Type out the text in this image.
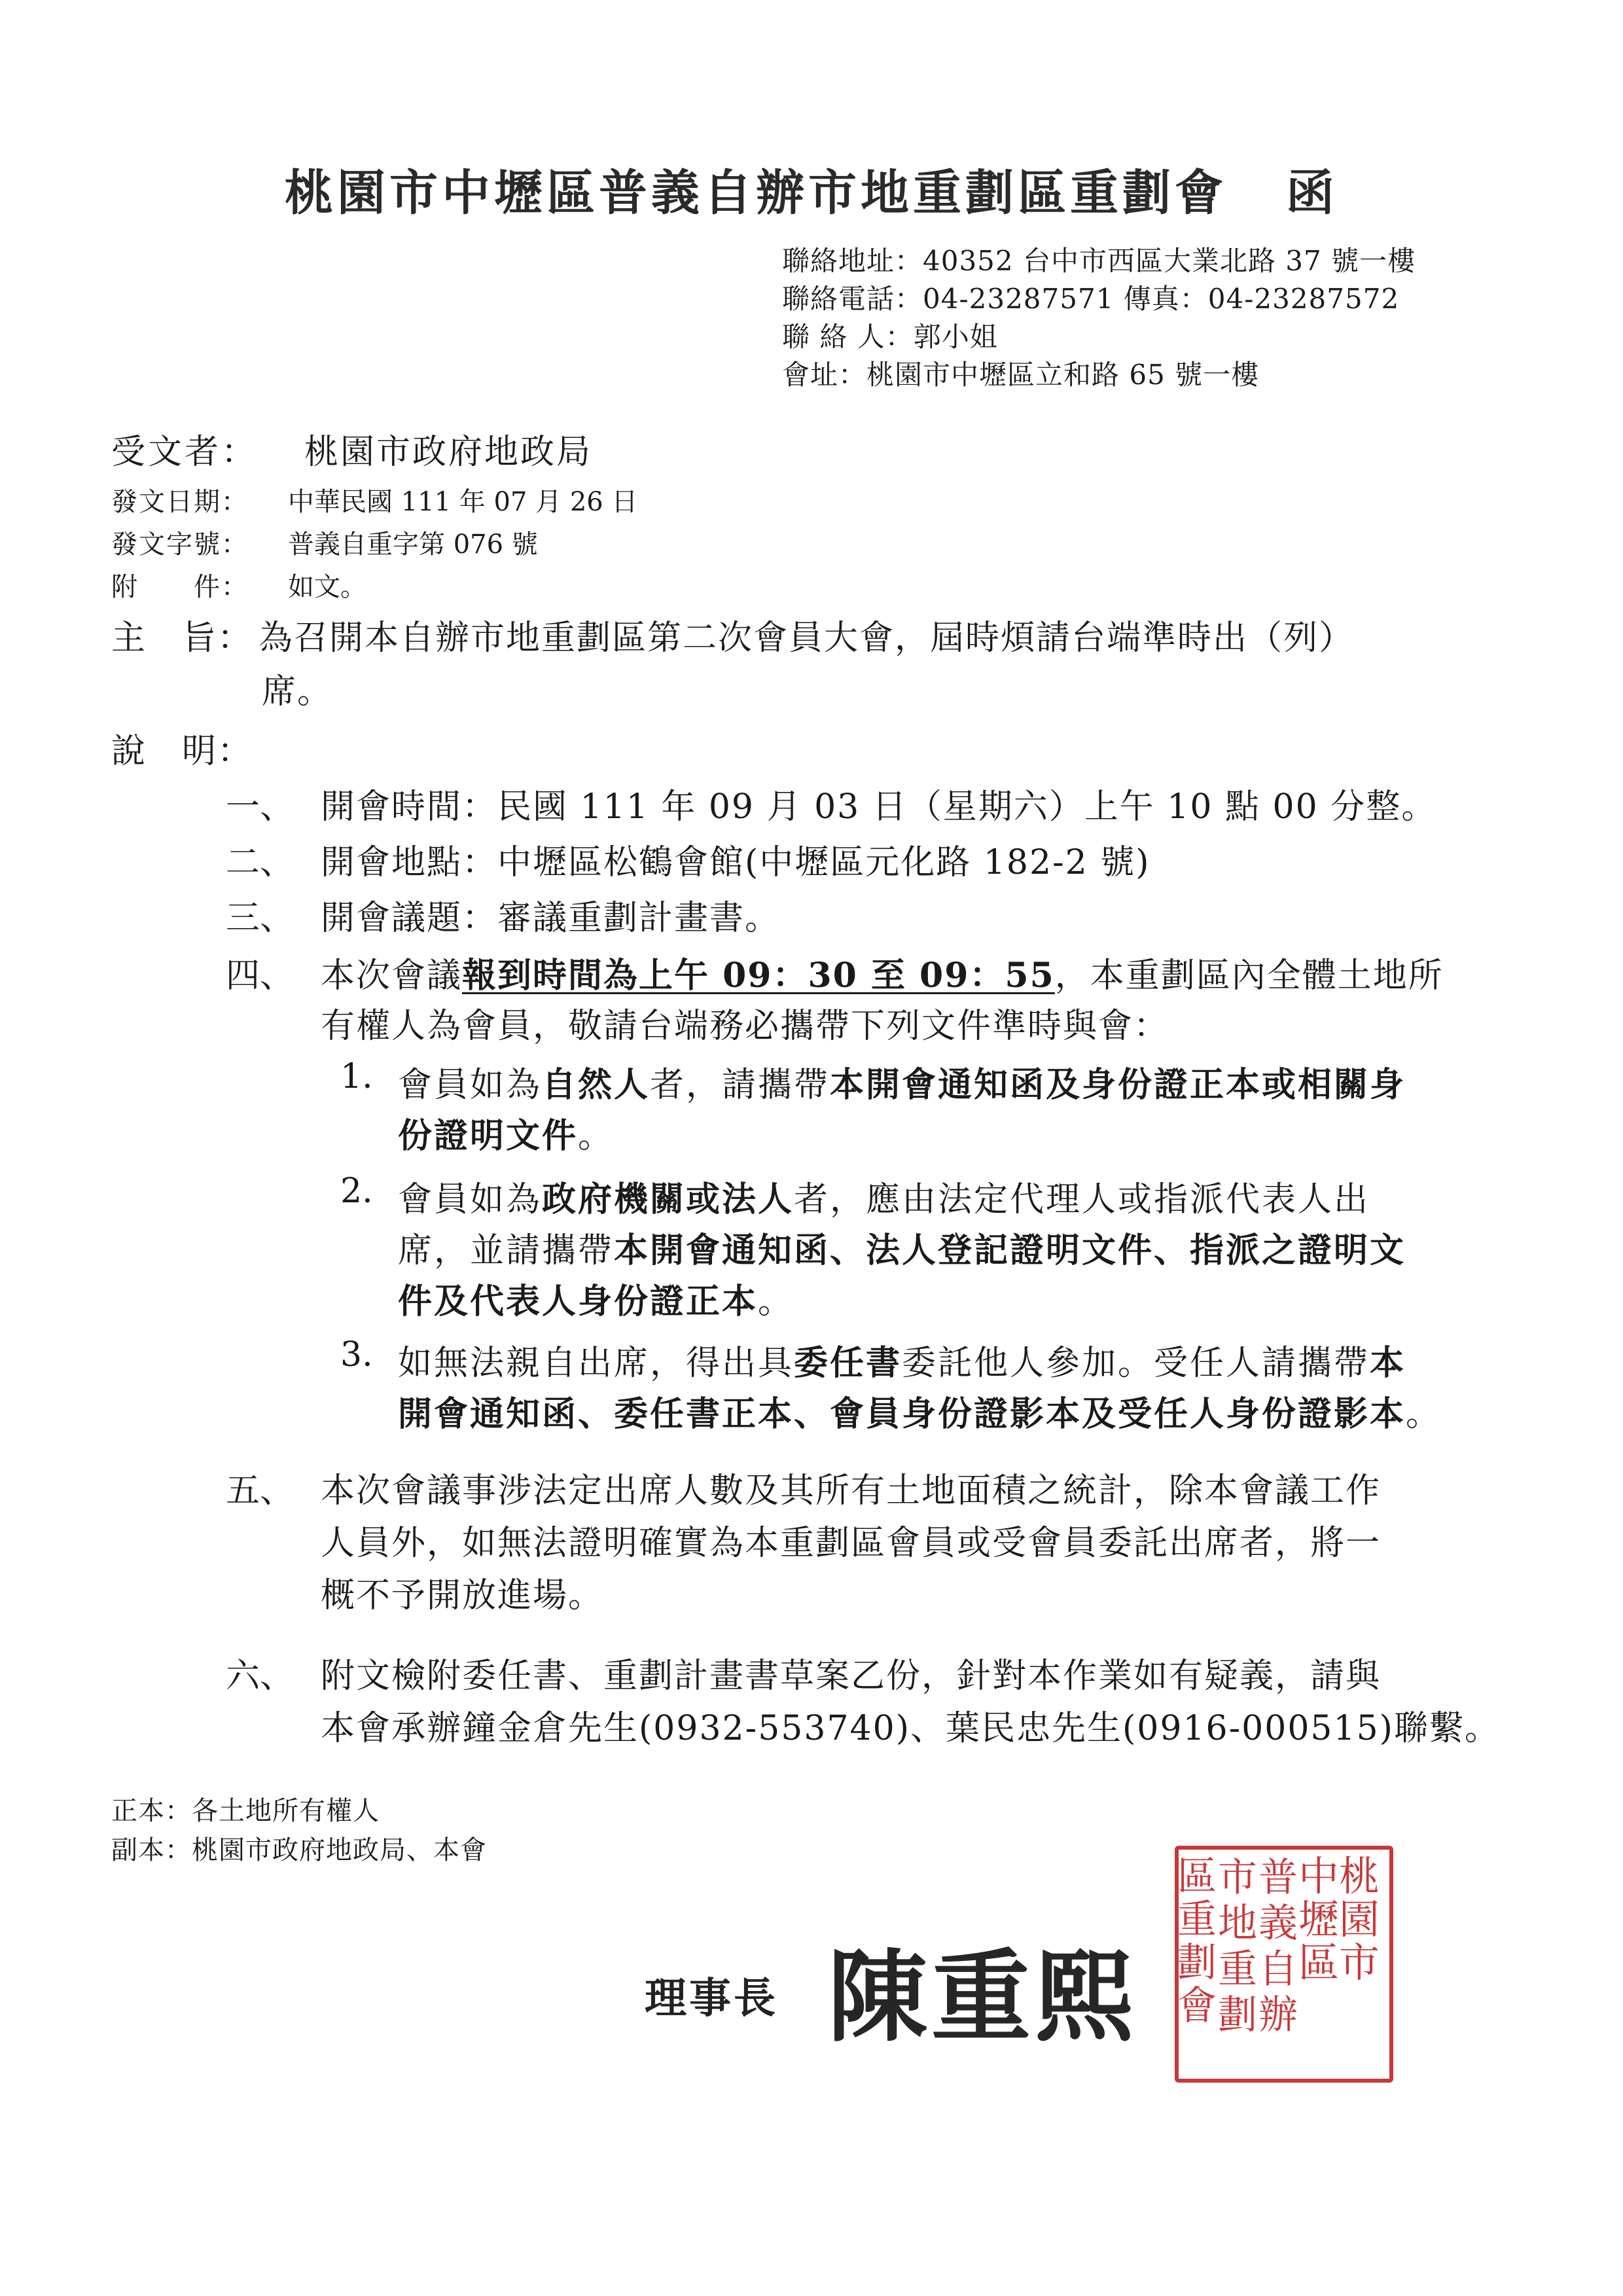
桃園市中壢區普義自辦市地重劃區重劃會 函
聯絡地址：40352 台中市西區大業北路 37 號一樓
聯絡電話：04-23287571 傳真：04-23287572
聯 絡 人：郭小姐
會址：桃園市中壢區立和路 65 號一樓
受文者： 桃園市政府地政局
發文日期： 中華民國 111 年 07 月 26 日
發文字號： 普義自重字第 076 號
附　　件： 如文。
主　旨： 為召開本自辦市地重劃區第二次會員大會，屆時煩請台端準時出（列）
席。
說　明：
一、 開會時間：民國 111 年 09 月 03 日（星期六）上午 10 點 00 分整。
二、 開會地點：中壢區松鶴會館(中壢區元化路 182-2 號)
三、 開會議題：審議重劃計畫書。
四、 本次會議報到時間為上午 09：30 至 09：55，本重劃區內全體土地所
有權人為會員，敬請台端務必攜帶下列文件準時與會：
1. 會員如為自然人者，請攜帶本開會通知函及身份證正本或相關身
份證明文件。
2. 會員如為政府機關或法人者，應由法定代理人或指派代表人出
席，並請攜帶本開會通知函、法人登記證明文件、指派之證明文
件及代表人身份證正本。
3. 如無法親自出席，得出具委任書委託他人參加。受任人請攜帶本
開會通知函、委任書正本、會員身份證影本及受任人身份證影本。
五、 本次會議事涉法定出席人數及其所有土地面積之統計，除本會議工作
人員外，如無法證明確實為本重劃區會員或受會員委託出席者，將一
概不予開放進場。
六、 附文檢附委任書、重劃計畫書草案乙份，針對本作業如有疑義，請與
本會承辦鐘金倉先生(0932-553740)、葉民忠先生(0916-000515)聯繫。
正本：各土地所有權人
副本：桃園市政府地政局、本會
理事長 陳重熙
桃園市
中壢區
普義自辦
市地重劃
區重劃會
